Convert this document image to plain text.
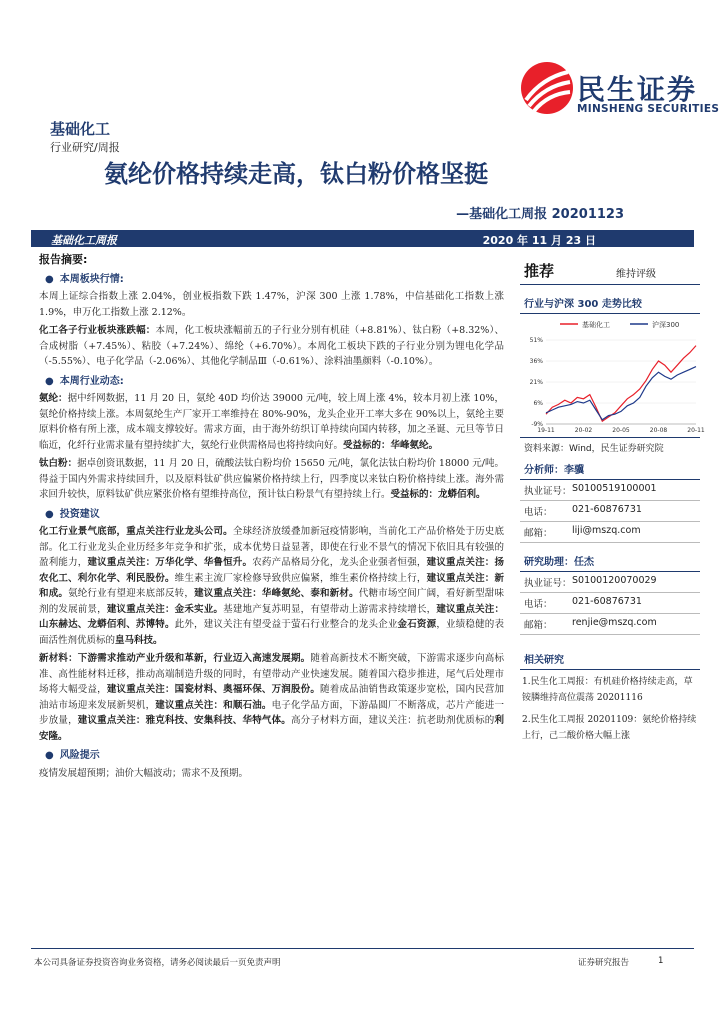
民生证券
MINSHENG SECURITIES
基础化工
行业研究/周报
氨纶价格持续走高，钛白粉价格坚挺
—基础化工周报 20201123
基础化工周报	2020 年 11 月 23 日
报告摘要:
● 本周板块行情:

本周上证综合指数上涨 2.04%，创业板指数下跌 1.47%，沪深 300 上涨 1.78%，中信基础化工指数上涨 1.9%，申万化工指数上涨 2.12%。

化工各子行业板块涨跌幅：本周，化工板块涨幅前五的子行业分别有机硅（+8.81%）、钛白粉（+8.32%）、合成树脂（+7.45%）、粘胶（+7.24%）、绵纶（+6.70%）。本周化工板块下跌的子行业分别为锂电化学品（-5.55%）、电子化学品（-2.06%）、其他化学制品Ⅲ（-0.61%）、涂料油墨颜料（-0.10%）。

● 本周行业动态:

氨纶：据中纤网数据，11 月 20 日，氨纶 40D 均价达 39000 元/吨，较上周上涨 4%，较本月初上涨 10%，氨纶价格持续上涨。本周氨纶生产厂家开工率维持在 80%-90%，龙头企业开工率大多在 90%以上，氨纶主要原料价格有所上涨，成本端支撑较好。需求方面，由于海外纺织订单持续向国内转移，加之圣诞、元旦等节日临近，化纤行业需求量有望持续扩大，氨纶行业供需格局也将持续向好。受益标的：华峰氨纶。

钛白粉：据卓创资讯数据，11 月 20 日，硫酸法钛白粉均价 15650 元/吨，氯化法钛白粉均价 18000 元/吨。得益于国内外需求持续回升，以及原料钛矿供应偏紧价格持续上行，四季度以来钛白粉价格持续上涨。海外需求回升较快，原料钛矿供应紧张价格有望维持高位，预计钛白粉景气有望持续上行。受益标的：龙蟒佰利。

● 投资建议

化工行业景气底部，重点关注行业龙头公司。全球经济放缓叠加新冠疫情影响，当前化工产品价格处于历史底部。化工行业龙头企业历经多年竞争和扩张，成本优势日益显著，即使在行业不景气的情况下依旧具有较强的盈利能力，建议重点关注：万华化学、华鲁恒升。农药产品格局分化，龙头企业强者恒强，建议重点关注：扬农化工、利尔化学、利民股份。维生素主流厂家检修导致供应偏紧，维生素价格持续上行，建议重点关注：新和成。氨纶行业有望迎来底部反转，建议重点关注：华峰氨纶、泰和新材。代糖市场空间广阔，看好新型甜味剂的发展前景，建议重点关注：金禾实业。基建地产复苏明显，有望带动上游需求持续增长，建议重点关注：山东赫达、龙蟒佰利、苏博特。此外，建议关注有望受益于萤石行业整合的龙头企业金石资源，业绩稳健的表面活性剂优质标的皇马科技。

新材料：下游需求推动产业升级和革新，行业迈入高速发展期。随着高新技术不断突破，下游需求逐步向高标准、高性能材料迁移，推动高端制造升级的同时，有望带动产业快速发展。随着国六稳步推进，尾气后处理市场将大幅受益，建议重点关注：国瓷材料、奥福环保、万润股份。随着成品油销售政策逐步宽松，国内民营加油站市场迎来发展新契机，建议重点关注：和顺石油。电子化学品方面，下游晶圆厂不断落成，芯片产能进一步放量，建议重点关注：雅克科技、安集科技、华特气体。高分子材料方面，建议关注：抗老助剂优质标的利安隆。

● 风险提示

疫情发展超预期；油价大幅波动；需求不及预期。

推荐	维持评级
行业与沪深 300 走势比较
基础化工	沪深300
51%
36%
21%
6%
-9%
19-11	20-02	20-05	20-08	20-11
资料来源：Wind，民生证券研究院
分析师：李骥
执业证号： S0100519100001
电话：	021-60876731
邮箱：	liji@mszq.com
研究助理：任杰
执业证号： S0100120070029
电话：	021-60876731
邮箱：	renjie@mszq.com
相关研究
1.民生化工周报：有机硅价格持续走高，草铵膦维持高位震荡 20201116
2.民生化工周报 20201109：氨纶价格持续上行，己二酸价格大幅上涨
本公司具备证券投资咨询业务资格，请务必阅读最后一页免责声明	证券研究报告	1
